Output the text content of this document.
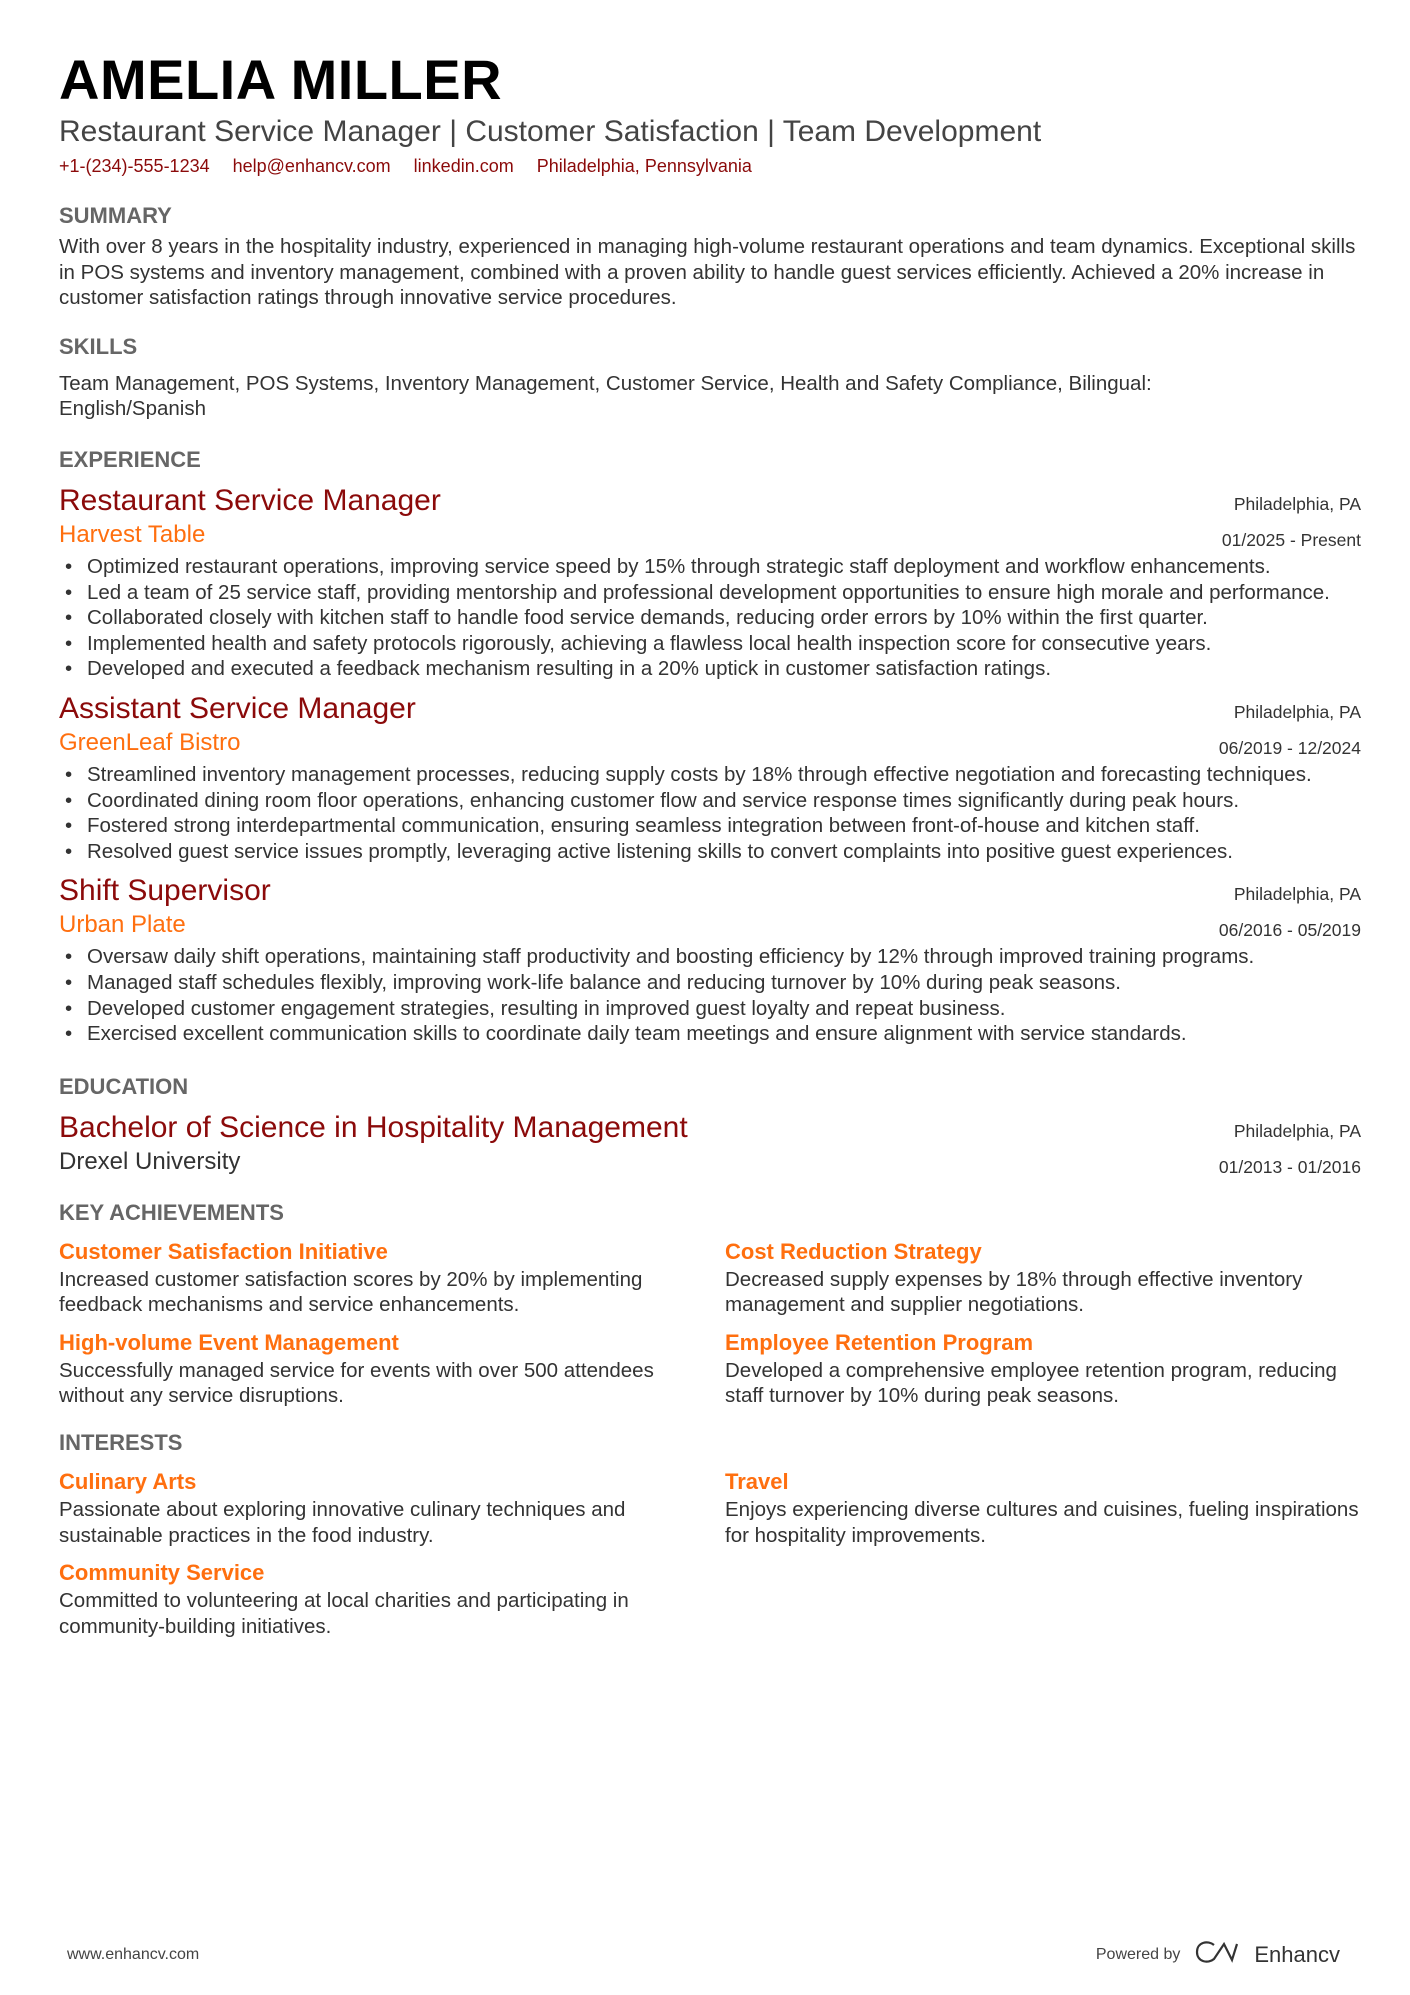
AMELIA MILLER
Restaurant Service Manager | Customer Satisfaction | Team Development
+1-(234)-555-1234 help@enhancv.com linkedin.com Philadelphia, Pennsylvania
SUMMARY
With over 8 years in the hospitality industry, experienced in managing high-volume restaurant operations and team dynamics. Exceptional skills in POS systems and inventory management, combined with a proven ability to handle guest services efficiently. Achieved a 20% increase in customer satisfaction ratings through innovative service procedures.
SKILLS
Team Management, POS Systems, Inventory Management, Customer Service, Health and Safety Compliance, Bilingual: English/Spanish
EXPERIENCE
Restaurant Service Manager
Harvest Table
Philadelphia, PA
01/2025 - Present
• Optimized restaurant operations, improving service speed by 15% through strategic staff deployment and workflow enhancements.
• Led a team of 25 service staff, providing mentorship and professional development opportunities to ensure high morale and performance.
• Collaborated closely with kitchen staff to handle food service demands, reducing order errors by 10% within the first quarter.
• Implemented health and safety protocols rigorously, achieving a flawless local health inspection score for consecutive years.
• Developed and executed a feedback mechanism resulting in a 20% uptick in customer satisfaction ratings.
Assistant Service Manager
GreenLeaf Bistro
Philadelphia, PA
06/2019 - 12/2024
• Streamlined inventory management processes, reducing supply costs by 18% through effective negotiation and forecasting techniques.
• Coordinated dining room floor operations, enhancing customer flow and service response times significantly during peak hours.
• Fostered strong interdepartmental communication, ensuring seamless integration between front-of-house and kitchen staff.
• Resolved guest service issues promptly, leveraging active listening skills to convert complaints into positive guest experiences.
Shift Supervisor
Urban Plate
Philadelphia, PA
06/2016 - 05/2019
• Oversaw daily shift operations, maintaining staff productivity and boosting efficiency by 12% through improved training programs.
• Managed staff schedules flexibly, improving work-life balance and reducing turnover by 10% during peak seasons.
• Developed customer engagement strategies, resulting in improved guest loyalty and repeat business.
• Exercised excellent communication skills to coordinate daily team meetings and ensure alignment with service standards.
EDUCATION
Bachelor of Science in Hospitality Management
Drexel University
Philadelphia, PA
01/2013 - 01/2016
KEY ACHIEVEMENTS
Customer Satisfaction Initiative
Increased customer satisfaction scores by 20% by implementing feedback mechanisms and service enhancements.
Cost Reduction Strategy
Decreased supply expenses by 18% through effective inventory management and supplier negotiations.
High-volume Event Management
Successfully managed service for events with over 500 attendees without any service disruptions.
Employee Retention Program
Developed a comprehensive employee retention program, reducing staff turnover by 10% during peak seasons.
INTERESTS
Culinary Arts
Passionate about exploring innovative culinary techniques and sustainable practices in the food industry.
Travel
Enjoys experiencing diverse cultures and cuisines, fueling inspirations for hospitality improvements.
Community Service
Committed to volunteering at local charities and participating in community-building initiatives.
www.enhancv.com	Powered by	Enhancv
